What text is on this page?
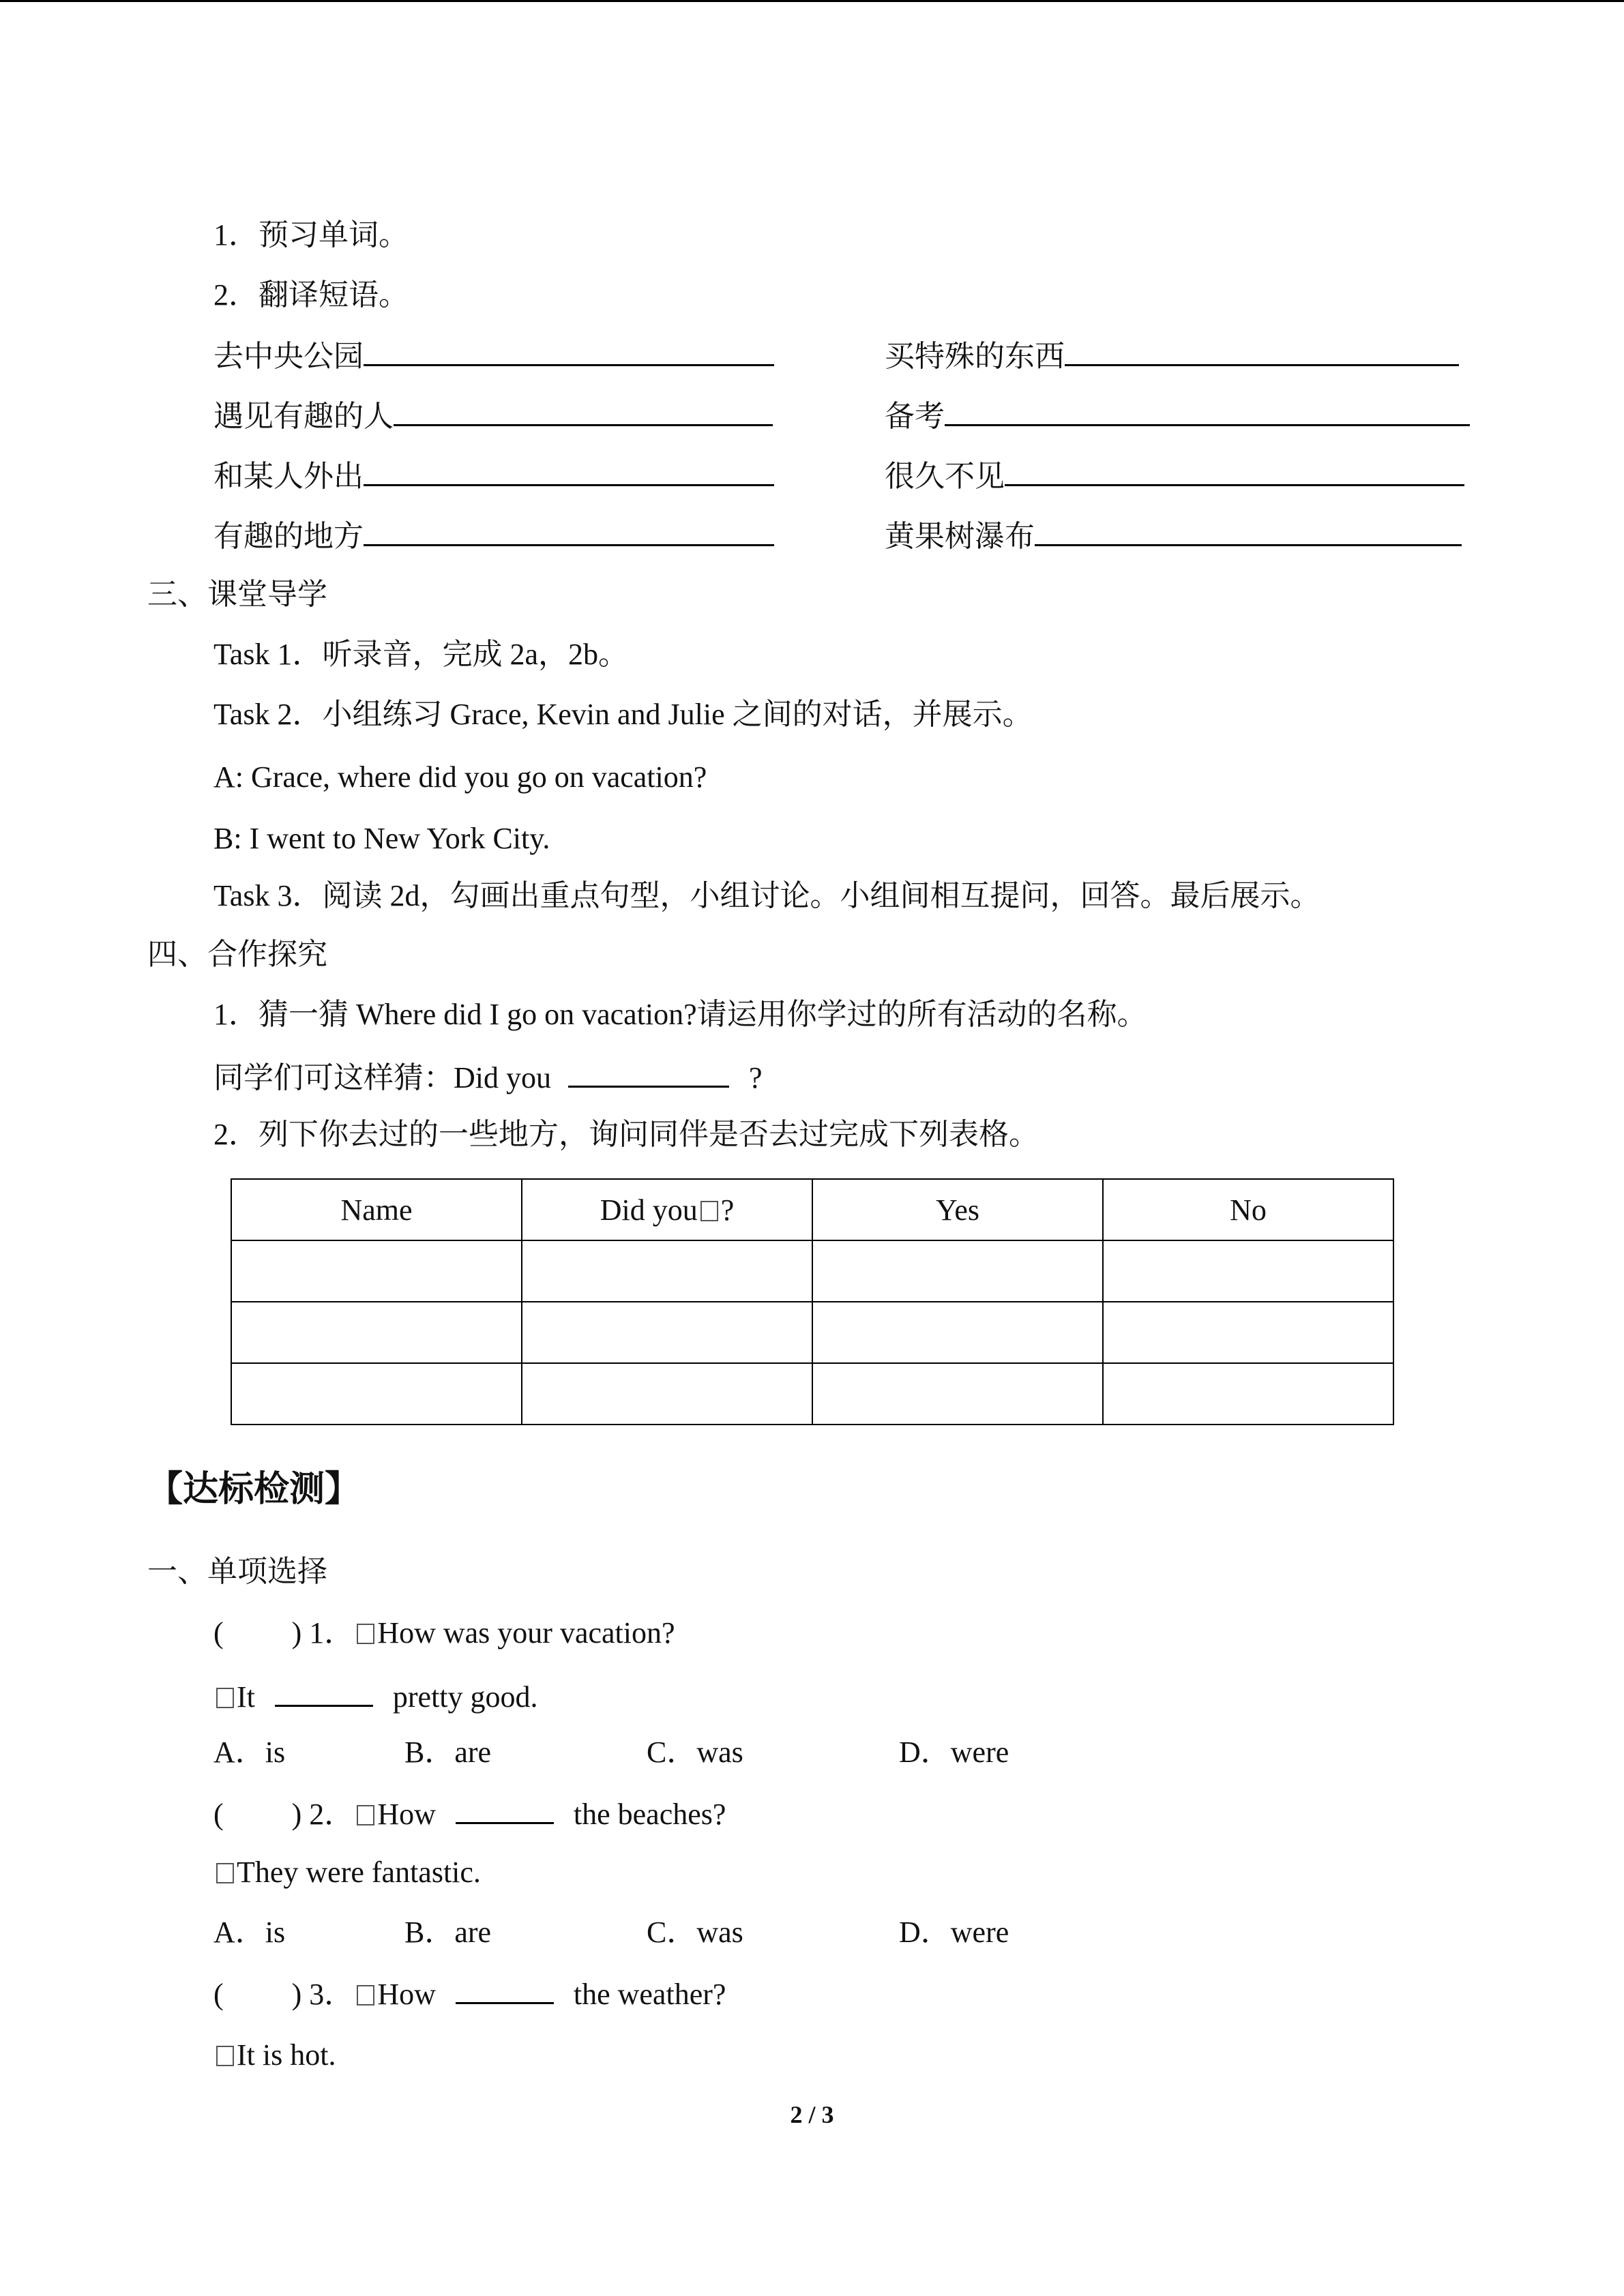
1．预习单词。
2．翻译短语。
去中央公园	买特殊的东西
遇见有趣的人	备考
和某人外出	很久不见
有趣的地方	黄果树瀑布
三、课堂导学
Task 1．听录音，完成 2a，2b。
Task 2．小组练习 Grace, Kevin and Julie 之间的对话，并展示。
A: Grace, where did you go on vacation?
B: I went to New York City.
Task 3．阅读 2d，勾画出重点句型，小组讨论。小组间相互提问，回答。最后展示。
四、合作探究
1．猜一猜 Where did I go on vacation?请运用你学过的所有活动的名称。
同学们可这样猜：Did you	?
2．列下你去过的一些地方，询问同伴是否去过完成下列表格。
Name	Did you ?	Yes	No

【达标检测】
一、单项选择
( ) 1． How was your vacation?
It	pretty good.
A．is	B．are	C．was	D．were
( ) 2． How	the beaches?
They were fantastic.
A．is	B．are	C．was	D．were
( ) 3． How	the weather?
It is hot.
2 / 3
